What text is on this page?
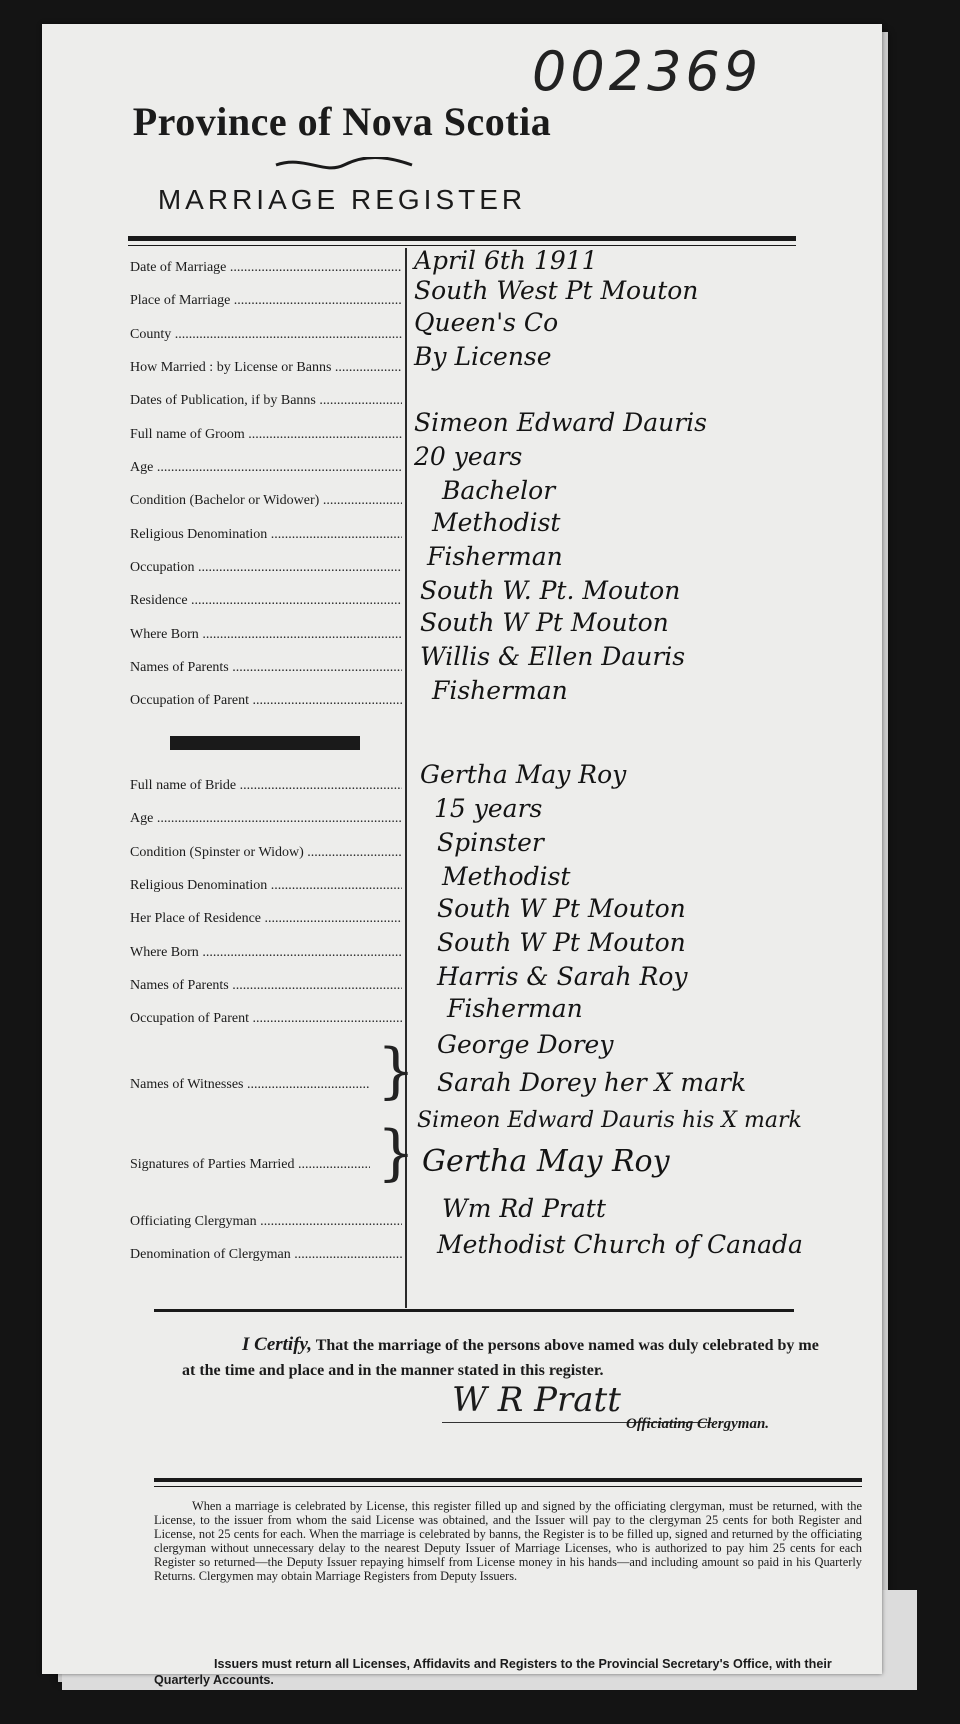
002369
Province of Nova Scotia
MARRIAGE REGISTER
Date of Marriage .....	April 6th 1911
Place of Marriage .....	South West Pt Mouton
County .....	Queen's Co
How Married : by License or Banns .....	By License
Dates of Publication, if by Banns .....
Full name of Groom .....	Simeon Edward Dauris
Age .....	20 years
Condition (Bachelor or Widower) .....	Bachelor
Religious Denomination .....	Methodist
Occupation .....	Fisherman
Residence .....	South W. Pt. Mouton
Where Born .....	South W Pt Mouton
Names of Parents .....	Willis & Ellen Dauris
Occupation of Parent .....	Fisherman
Full name of Bride .....	Gertha May Roy
Age .....	15 years
Condition (Spinster or Widow) .....	Spinster
Religious Denomination .....	Methodist
Her Place of Residence .....	South W Pt Mouton
Where Born .....	South W Pt Mouton
Names of Parents .....	Harris & Sarah Roy
Occupation of Parent .....	Fisherman
Names of Witnesses .....	} George Dorey
Sarah Dorey her X mark
Signatures of Parties Married .....	} Simeon Edward Dauris his X mark
Gertha May Roy
Officiating Clergyman .....	Wm Rd Pratt
Denomination of Clergyman .....	Methodist Church of Canada
I Certify, That the marriage of the persons above named was duly celebrated by me at the time and place and in the manner stated in this register.
W R Pratt
Officiating Clergyman.
When a marriage is celebrated by License, this register filled up and signed by the officiating clergyman, must be returned, with the License, to the issuer from whom the said License was obtained, and the Issuer will pay to the clergyman 25 cents for both Register and License, not 25 cents for each. When the marriage is celebrated by banns, the Register is to be filled up, signed and returned by the officiating clergyman without unnecessary delay to the nearest Deputy Issuer of Marriage Licenses, who is authorized to pay him 25 cents for each Register so returned—the Deputy Issuer repaying himself from License money in his hands—and including amount so paid in his Quarterly Returns. Clergymen may obtain Marriage Registers from Deputy Issuers.
Issuers must return all Licenses, Affidavits and Registers to the Provincial Secretary's Office, with their Quarterly Accounts.
